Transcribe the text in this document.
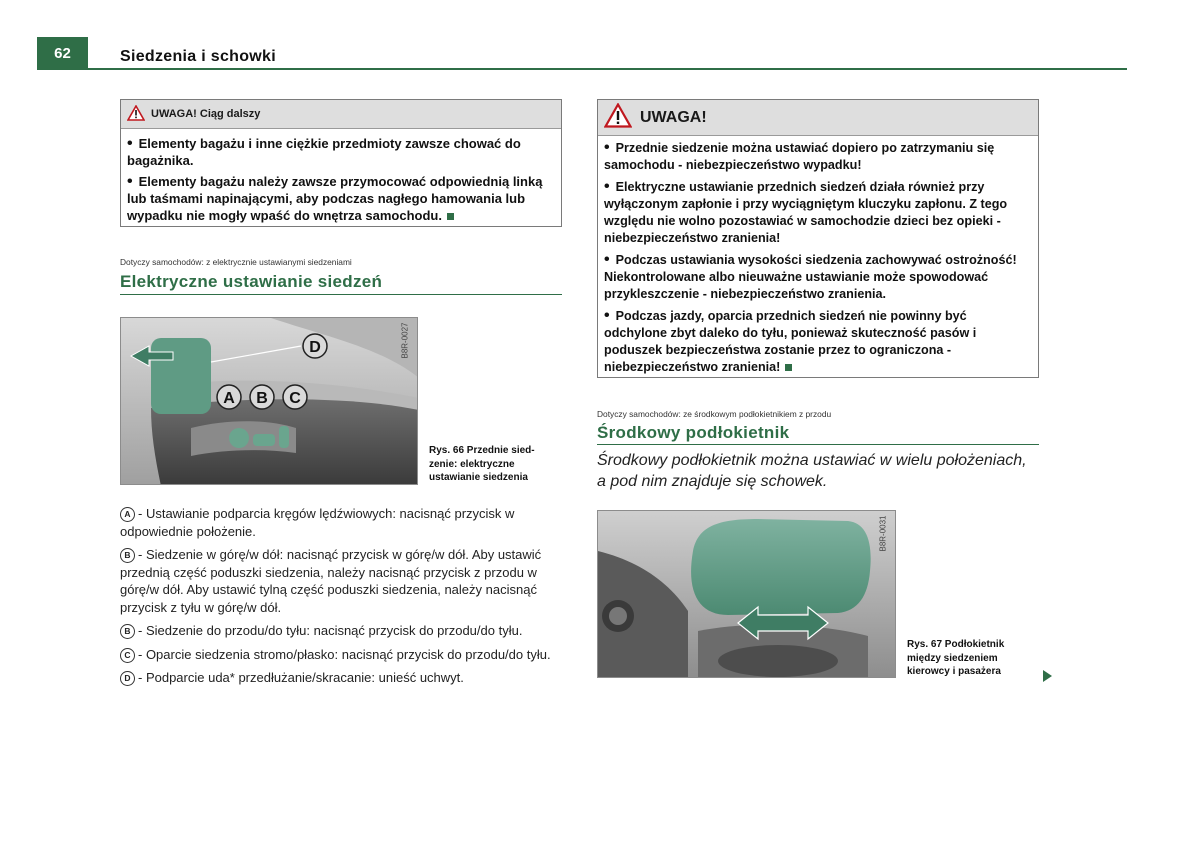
62	Siedzenia i schowki
UWAGA! Ciąg dalszy

• Elementy bagażu i inne ciężkie przedmioty zawsze chować do bagażnika.

• Elementy bagażu należy zawsze przymocować odpowiednią linką lub taśmami napinającymi, aby podczas nagłego hamowania lub wypadku nie mogły wpaść do wnętrza samochodu.

Dotyczy samochodów: z elektrycznie ustawianymi siedzeniami
Elektryczne ustawianie siedzeń
D
A B C
B8R-0027
Rys. 66 Przednie sied-
zenie: elektryczne
ustawianie siedzenia

A - Ustawianie podparcia kręgów lędźwiowych: nacisnąć przycisk w odpowiednie położenie.

B - Siedzenie w górę/w dół: nacisnąć przycisk w górę/w dół. Aby ustawić przednią część poduszki siedzenia, należy nacisnąć przycisk z przodu w górę/w dół. Aby ustawić tylną część poduszki siedzenia, należy nacisnąć przycisk z tyłu w górę/w dół.

B - Siedzenie do przodu/do tyłu: nacisnąć przycisk do przodu/do tyłu.

C - Oparcie siedzenia stromo/płasko: nacisnąć przycisk do przodu/do tyłu.

D - Podparcie uda* przedłużanie/skracanie: unieść uchwyt.

UWAGA!

• Przednie siedzenie można ustawiać dopiero po zatrzymaniu się samochodu - niebezpieczeństwo wypadku!

• Elektryczne ustawianie przednich siedzeń działa również przy wyłączonym zapłonie i przy wyciągniętym kluczyku zapłonu. Z tego względu nie wolno pozostawiać w samochodzie dzieci bez opieki - niebezpieczeństwo zranienia!

• Podczas ustawiania wysokości siedzenia zachowywać ostrożność! Niekontrolowane albo nieuważne ustawianie może spowodować przykleszczenie - niebezpieczeństwo zranienia.

• Podczas jazdy, oparcia przednich siedzeń nie powinny być odchylone zbyt daleko do tyłu, ponieważ skuteczność pasów i poduszek bezpieczeństwa zostanie przez to ograniczona - niebezpieczeństwo zranienia!

Dotyczy samochodów: ze środkowym podłokietnikiem z przodu
Środkowy podłokietnik
Środkowy podłokietnik można ustawiać w wielu położeniach, a pod nim znajduje się schowek.
B8R-0031
Rys. 67 Podłokietnik
między siedzeniem
kierowcy i pasażera
